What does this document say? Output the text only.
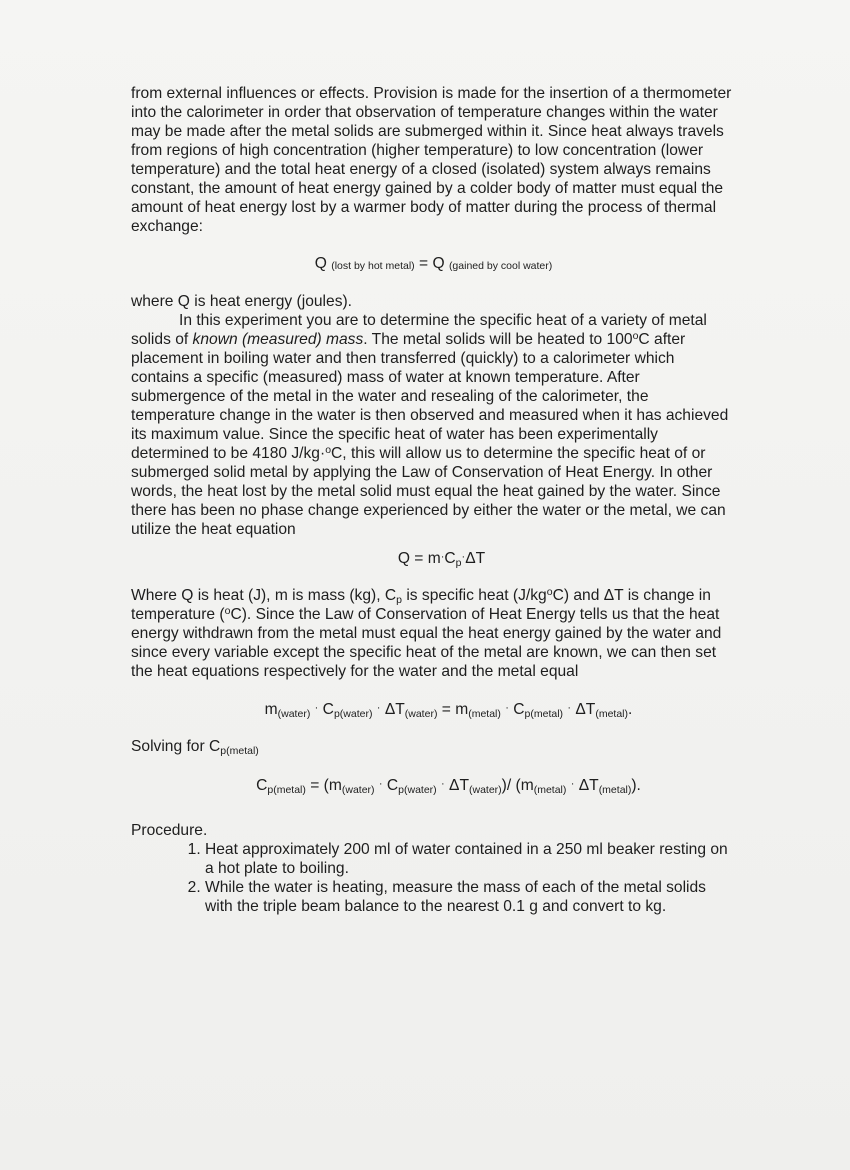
from external influences or effects. Provision is made for the insertion of a thermometer into the calorimeter in order that observation of temperature changes within the water may be made after the metal solids are submerged within it. Since heat always travels from regions of high concentration (higher temperature) to low concentration (lower temperature) and the total heat energy of a closed (isolated) system always remains constant, the amount of heat energy gained by a colder body of matter must equal the amount of heat energy lost by a warmer body of matter during the process of thermal exchange:

Q (lost by hot metal) = Q (gained by cool water)

where Q is heat energy (joules).

In this experiment you are to determine the specific heat of a variety of metal solids of known (measured) mass. The metal solids will be heated to 100$^o$C after placement in boiling water and then transferred (quickly) to a calorimeter which contains a specific (measured) mass of water at known temperature. After submergence of the metal in the water and resealing of the calorimeter, the temperature change in the water is then observed and measured when it has achieved its maximum value. Since the specific heat of water has been experimentally determined to be 4180 J/kg·$^o$C, this will allow us to determine the specific heat of or submerged solid metal by applying the Law of Conservation of Heat Energy. In other words, the heat lost by the metal solid must equal the heat gained by the water. Since there has been no phase change experienced by either the water or the metal, we can utilize the heat equation

$Q = m\cdot C_p\cdot\Delta T$

Where Q is heat (J), m is mass (kg), $C_p$ is specific heat $(J/kg^oC)$ and ΔT is change in temperature ($^o$C). Since the Law of Conservation of Heat Energy tells us that the heat energy withdrawn from the metal must equal the heat energy gained by the water and since every variable except the specific heat of the metal are known, we can then set the heat equations respectively for the water and the metal equal

$m_{(water)} \cdot C_{p(water)} \cdot \Delta T_{(water)} = m_{(metal)} \cdot C_{p(metal)} \cdot \Delta T_{(metal)}$.

Solving for $C_{p(metal)}$

$C_{p(metal)} = (m_{(water)} \cdot C_{p(water)} \cdot \Delta T_{(water)})/$ $(m_{(metal)} \cdot \Delta T_{(metal)})$.

Procedure.

1. Heat approximately 200 ml of water contained in a 250 ml beaker resting on a hot plate to boiling.
2. While the water is heating, measure the mass of each of the metal solids with the triple beam balance to the nearest 0.1 g and convert to kg.
